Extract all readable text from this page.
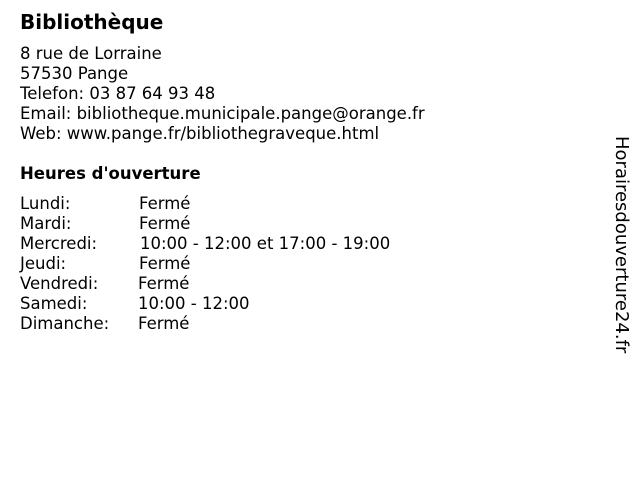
Bibliothèque
8 rue de Lorraine
57530 Pange
Telefon: 03 87 64 93 48
Email: bibliotheque.municipale.pange@orange.fr
Web: www.pange.fr/bibliothegraveque.html
Heures d'ouverture
Lundi:	Fermé
Mardi:	Fermé
Mercredi:	10:00 - 12:00 et 17:00 - 19:00
Jeudi:	Fermé
Vendredi: Fermé
Samedi:	10:00 - 12:00
Dimanche: Fermé	Horairesdouverture24.fr
